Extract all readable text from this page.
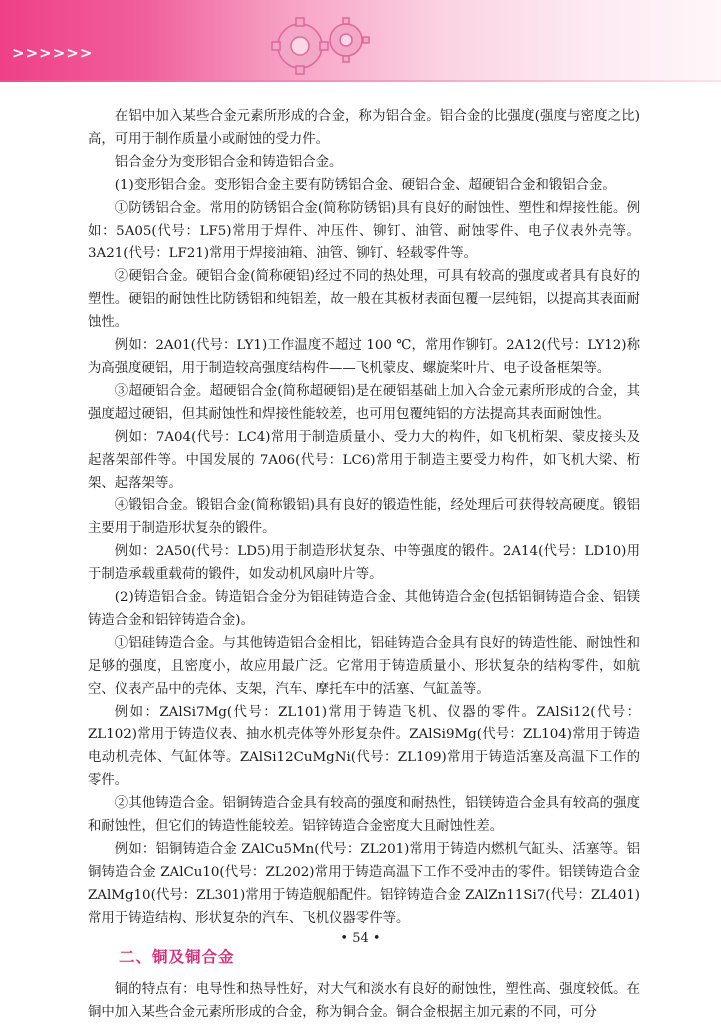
>>>>>>

在铝中加入某些合金元素所形成的合金，称为铝合金。铝合金的比强度(强度与密度之比)高，可用于制作质量小或耐蚀的受力件。

铝合金分为变形铝合金和铸造铝合金。

(1)变形铝合金。变形铝合金主要有防锈铝合金、硬铝合金、超硬铝合金和锻铝合金。

①防锈铝合金。常用的防锈铝合金(简称防锈铝)具有良好的耐蚀性、塑性和焊接性能。例如：5A05(代号：LF5)常用于焊件、冲压件、铆钉、油管、耐蚀零件、电子仪表外壳等。3A21(代号：LF21)常用于焊接油箱、油管、铆钉、轻载零件等。

②硬铝合金。硬铝合金(简称硬铝)经过不同的热处理，可具有较高的强度或者具有良好的塑性。硬铝的耐蚀性比防锈铝和纯铝差，故一般在其板材表面包覆一层纯铝，以提高其表面耐蚀性。

例如：2A01(代号：LY1)工作温度不超过 100 ℃，常用作铆钉。2A12(代号：LY12)称为高强度硬铝，用于制造较高强度结构件——飞机蒙皮、螺旋桨叶片、电子设备框架等。

③超硬铝合金。超硬铝合金(简称超硬铝)是在硬铝基础上加入合金元素所形成的合金，其强度超过硬铝，但其耐蚀性和焊接性能较差，也可用包覆纯铝的方法提高其表面耐蚀性。

例如：7A04(代号：LC4)常用于制造质量小、受力大的构件，如飞机桁架、蒙皮接头及起落架部件等。中国发展的 7A06(代号：LC6)常用于制造主要受力构件，如飞机大梁、桁架、起落架等。

④锻铝合金。锻铝合金(简称锻铝)具有良好的锻造性能，经处理后可获得较高硬度。锻铝主要用于制造形状复杂的锻件。

例如：2A50(代号：LD5)用于制造形状复杂、中等强度的锻件。2A14(代号：LD10)用于制造承载重载荷的锻件，如发动机风扇叶片等。

(2)铸造铝合金。铸造铝合金分为铝硅铸造合金、其他铸造合金(包括铝铜铸造合金、铝镁铸造合金和铝锌铸造合金)。

①铝硅铸造合金。与其他铸造铝合金相比，铝硅铸造合金具有良好的铸造性能、耐蚀性和足够的强度，且密度小，故应用最广泛。它常用于铸造质量小、形状复杂的结构零件，如航空、仪表产品中的壳体、支架，汽车、摩托车中的活塞、气缸盖等。

例如：ZAlSi7Mg(代号：ZL101)常用于铸造飞机、仪器的零件。ZAlSi12(代号：ZL102)常用于铸造仪表、抽水机壳体等外形复杂件。ZAlSi9Mg(代号：ZL104)常用于铸造电动机壳体、气缸体等。ZAlSi12CuMgNi(代号：ZL109)常用于铸造活塞及高温下工作的零件。

②其他铸造合金。铝铜铸造合金具有较高的强度和耐热性，铝镁铸造合金具有较高的强度和耐蚀性，但它们的铸造性能较差。铝锌铸造合金密度大且耐蚀性差。

例如：铝铜铸造合金 ZAlCu5Mn(代号：ZL201)常用于铸造内燃机气缸头、活塞等。铝铜铸造合金 ZAlCu10(代号：ZL202)常用于铸造高温下工作不受冲击的零件。铝镁铸造合金 ZAlMg10(代号：ZL301)常用于铸造舰船配件。铝锌铸造合金 ZAlZn11Si7(代号：ZL401)常用于铸造结构、形状复杂的汽车、飞机仪器零件等。

二、铜及铜合金

铜的特点有：电导性和热导性好，对大气和淡水有良好的耐蚀性，塑性高、强度较低。在铜中加入某些合金元素所形成的合金，称为铜合金。铜合金根据主加元素的不同，可分

• 54 •
